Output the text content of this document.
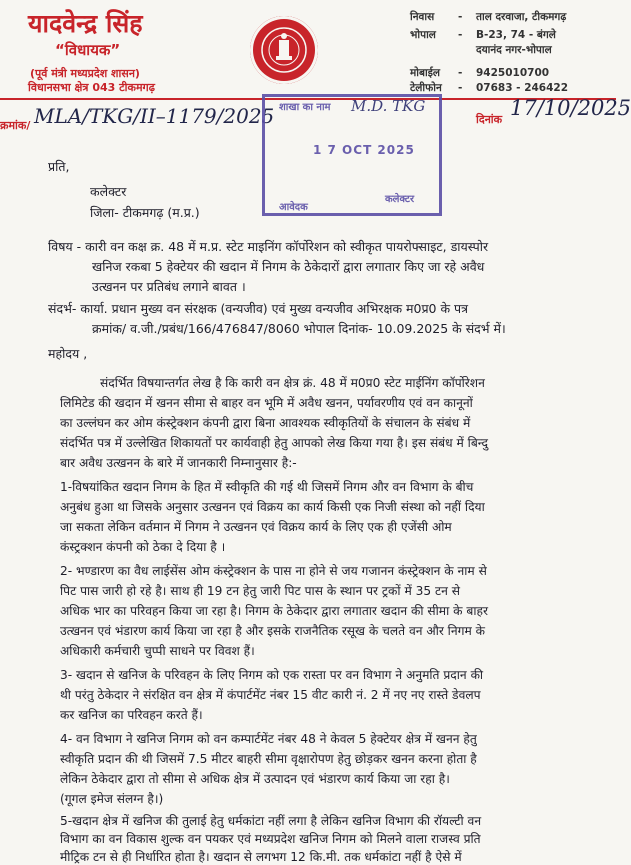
यादवेन्द्र सिंह
“विधायक”
(पूर्व मंत्री मध्यप्रदेश शासन)
विधानसभा क्षेत्र 043 टीकमगढ़
निवास - ताल दरवाजा, टीकमगढ़
भोपाल - B-23, 74 - बंगले
दयानंद नगर-भोपाल
मोबाईल - 9425010700
टेलीफोन - 07683 - 246422
क्रमांक/ MLA/TKG/II–1179/2025	दिनांक 17/10/2025
शाखा का नाम M.D. TKG
1 7 OCT 2025
आवेदक
कलेक्टर
प्रति,
कलेक्टर
जिला- टीकमगढ़ (म.प्र.)
विषय - कारी वन कक्ष क्र. 48 में म.प्र. स्टेट माइनिंग कॉर्पोरेशन को स्वीकृत पायरोफ्साइट, डायस्पोर
खनिज रकबा 5 हेक्टेयर की खदान में निगम के ठेकेदारों द्वारा लगातार किए जा रहे अवैध
उत्खनन पर प्रतिबंध लगाने बावत ।
संदर्भ- कार्या. प्रधान मुख्य वन संरक्षक (वन्यजीव) एवं मुख्य वन्यजीव अभिरक्षक म0प्र0 के पत्र
क्रमांक/ व.जी./प्रबंध/166/476847/8060 भोपाल दिनांक- 10.09.2025 के संदर्भ में।
महोदय ,
संदर्भित विषयान्तर्गत लेख है कि कारी वन क्षेत्र क्रं. 48 में म0प्र0 स्टेट माईनिंग कॉर्पोरेशन
लिमिटेड की खदान में खनन सीमा से बाहर वन भूमि में अवैध खनन, पर्यावरणीय एवं वन कानूनों
का उल्लंघन कर ओम कंस्ट्रेक्शन कंपनी द्वारा बिना आवश्यक स्वीकृतियों के संचालन के संबंध में
संदर्भित पत्र में उल्लेखित शिकायतों पर कार्यवाही हेतु आपको लेख किया गया है। इस संबंध में बिन्दु
बार अवैध उत्खनन के बारे में जानकारी निम्नानुसार है:-
1-विषयांकित खदान निगम के हित में स्वीकृति की गई थी जिसमें निगम और वन विभाग के बीच
अनुबंध हुआ था जिसके अनुसार उत्खनन एवं विक्रय का कार्य किसी एक निजी संस्था को नहीं दिया
जा सकता लेकिन वर्तमान में निगम ने उत्खनन एवं विक्रय कार्य के लिए एक ही एजेंसी ओम
कंस्ट्रक्शन कंपनी को ठेका दे दिया है ।
2- भण्डारण का वैध लाईसेंस ओम कंस्ट्रेक्शन के पास ना होने से जय गजानन कंस्ट्रेक्शन के नाम से
पिट पास जारी हो रहे है। साथ ही 19 टन हेतु जारी पिट पास के स्थान पर ट्रकों में 35 टन से
अधिक भार का परिवहन किया जा रहा है। निगम के ठेकेदार द्वारा लगातार खदान की सीमा के बाहर
उत्खनन एवं भंडारण कार्य किया जा रहा है और इसके राजनैतिक रसूख के चलते वन और निगम के
अधिकारी कर्मचारी चुप्पी साधने पर विवश हैं।
3- खदान से खनिज के परिवहन के लिए निगम को एक रास्ता पर वन विभाग ने अनुमति प्रदान की
थी परंतु ठेकेदार ने संरक्षित वन क्षेत्र में कंपार्टमेंट नंबर 15 वीट कारी नं. 2 में नए नए रास्ते डेवलप
कर खनिज का परिवहन करते हैं।
4- वन विभाग ने खनिज निगम को वन कम्पार्टमेंट नंबर 48 ने केवल 5 हेक्टेयर क्षेत्र में खनन हेतु
स्वीकृति प्रदान की थी जिसमें 7.5 मीटर बाहरी सीमा वृक्षारोपण हेतु छोड़कर खनन करना होता है
लेकिन ठेकेदार द्वारा तो सीमा से अधिक क्षेत्र में उत्पादन एवं भंडारण कार्य किया जा रहा है।
(गूगल इमेज संलग्न है।)
5-खदान क्षेत्र में खनिज की तुलाई हेतु धर्मकांटा नहीं लगा है लेकिन खनिज विभाग की रॉयल्टी वन
विभाग का वन विकास शुल्क वन पयकर एवं मध्यप्रदेश खनिज निगम को मिलने वाला राजस्व प्रति
मीट्रिक टन से ही निर्धारित होता है। खदान से लगभग 12 कि.मी. तक धर्मकांटा नहीं है ऐसे में
